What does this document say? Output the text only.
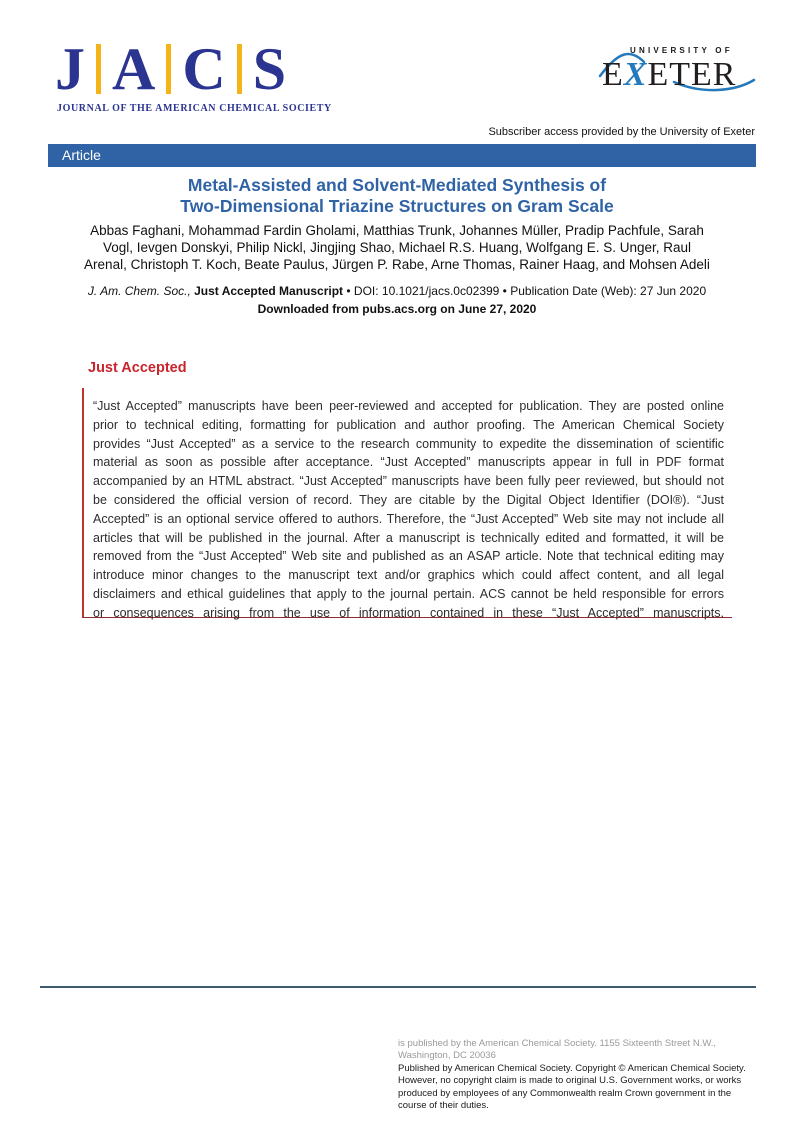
J A C S
JOURNAL OF THE AMERICAN CHEMICAL SOCIETY
UNIVERSITY OF
EXETER
Subscriber access provided by the University of Exeter
Article
Metal-Assisted and Solvent-Mediated Synthesis of
Two-Dimensional Triazine Structures on Gram Scale
Abbas Faghani, Mohammad Fardin Gholami, Matthias Trunk, Johannes Müller, Pradip Pachfule, Sarah
Vogl, Ievgen Donskyi, Philip Nickl, Jingjing Shao, Michael R.S. Huang, Wolfgang E. S. Unger, Raul
Arenal, Christoph T. Koch, Beate Paulus, Jürgen P. Rabe, Arne Thomas, Rainer Haag, and Mohsen Adeli
J. Am. Chem. Soc., Just Accepted Manuscript • DOI: 10.1021/jacs.0c02399 • Publication Date (Web): 27 Jun 2020
Downloaded from pubs.acs.org on June 27, 2020
Just Accepted
“Just Accepted” manuscripts have been peer-reviewed and accepted for publication. They are posted online prior to technical editing, formatting for publication and author proofing. The American Chemical Society provides “Just Accepted” as a service to the research community to expedite the dissemination of scientific material as soon as possible after acceptance. “Just Accepted” manuscripts appear in full in PDF format accompanied by an HTML abstract. “Just Accepted” manuscripts have been fully peer reviewed, but should not be considered the official version of record. They are citable by the Digital Object Identifier (DOI®). “Just Accepted” is an optional service offered to authors. Therefore, the “Just Accepted” Web site may not include all articles that will be published in the journal. After a manuscript is technically edited and formatted, it will be removed from the “Just Accepted” Web site and published as an ASAP article. Note that technical editing may introduce minor changes to the manuscript text and/or graphics which could affect content, and all legal disclaimers and ethical guidelines that apply to the journal pertain. ACS cannot be held responsible for errors or consequences arising from the use of information contained in these “Just Accepted” manuscripts.
is published by the American Chemical Society. 1155 Sixteenth Street N.W., Washington, DC 20036
Published by American Chemical Society. Copyright © American Chemical Society. However, no copyright claim is made to original U.S. Government works, or works produced by employees of any Commonwealth realm Crown government in the course of their duties.
